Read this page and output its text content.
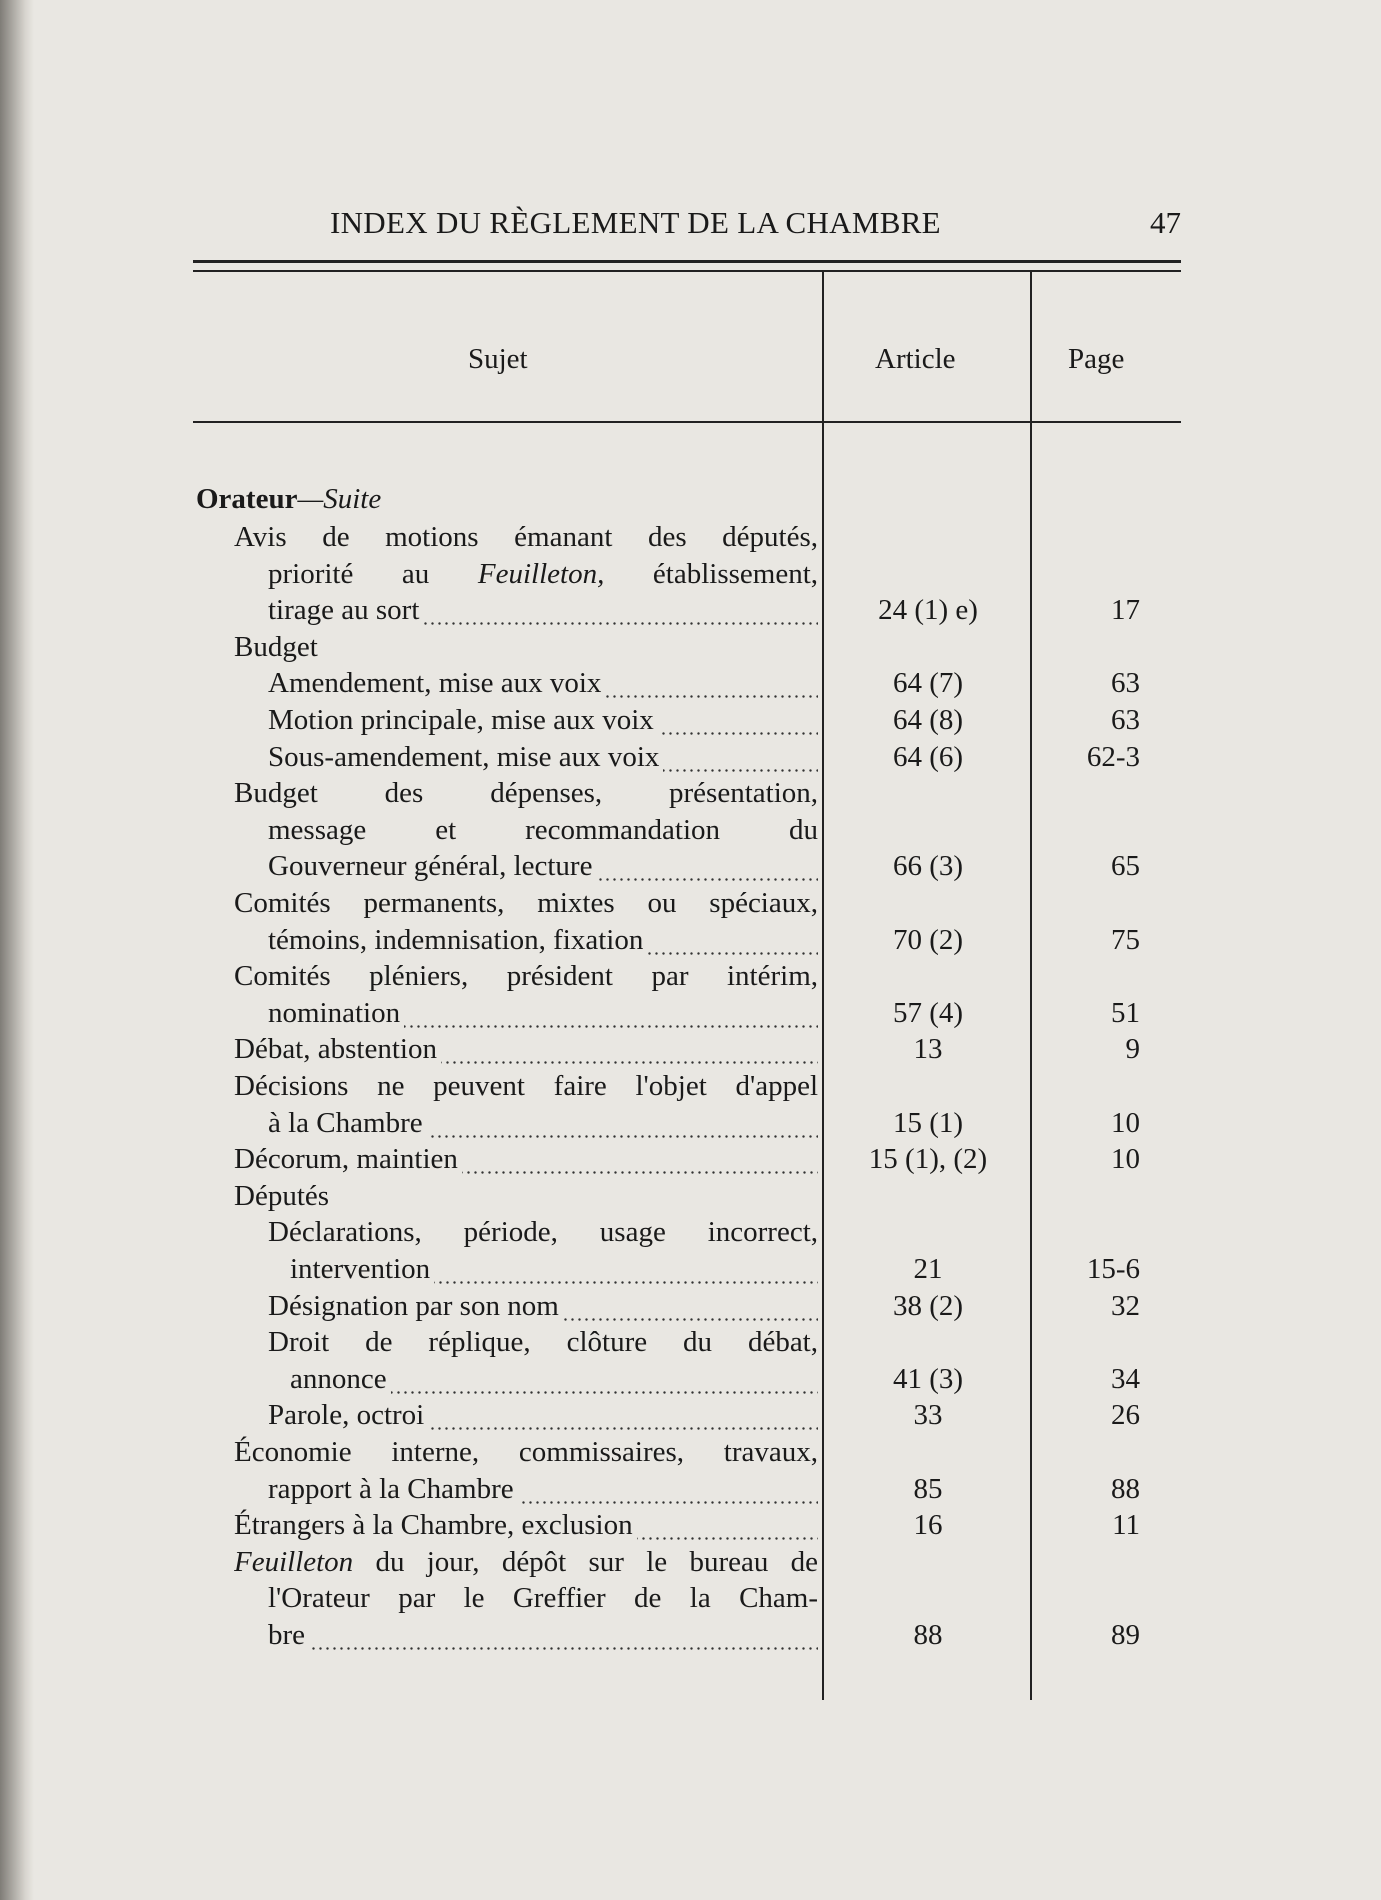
INDEX DU RÈGLEMENT DE LA CHAMBRE	47
Sujet	Article	Page
Orateur—Suite
Avis de motions émanant des députés,
priorité au Feuilleton, établissement,
tirage au sort	24 (1) e)	17
Budget
Amendement, mise aux voix	64 (7)	63
Motion principale, mise aux voix	64 (8)	63
Sous-amendement, mise aux voix	64 (6)	62-3
Budget des dépenses, présentation,
message et recommandation du
Gouverneur général, lecture	66 (3)	65
Comités permanents, mixtes ou spéciaux,
témoins, indemnisation, fixation	70 (2)	75
Comités pléniers, président par intérim,
nomination	57 (4)	51
Débat, abstention	13	9
Décisions ne peuvent faire l'objet d'appel
à la Chambre	15 (1)	10
Décorum, maintien	15 (1), (2)	10
Députés
Déclarations, période, usage incorrect,
intervention	21	15-6
Désignation par son nom	38 (2)	32
Droit de réplique, clôture du débat,
annonce	41 (3)	34
Parole, octroi	33	26
Économie interne, commissaires, travaux,
rapport à la Chambre	85	88
Étrangers à la Chambre, exclusion	16	11
Feuilleton du jour, dépôt sur le bureau de
l'Orateur par le Greffier de la Cham-
bre	88	89
